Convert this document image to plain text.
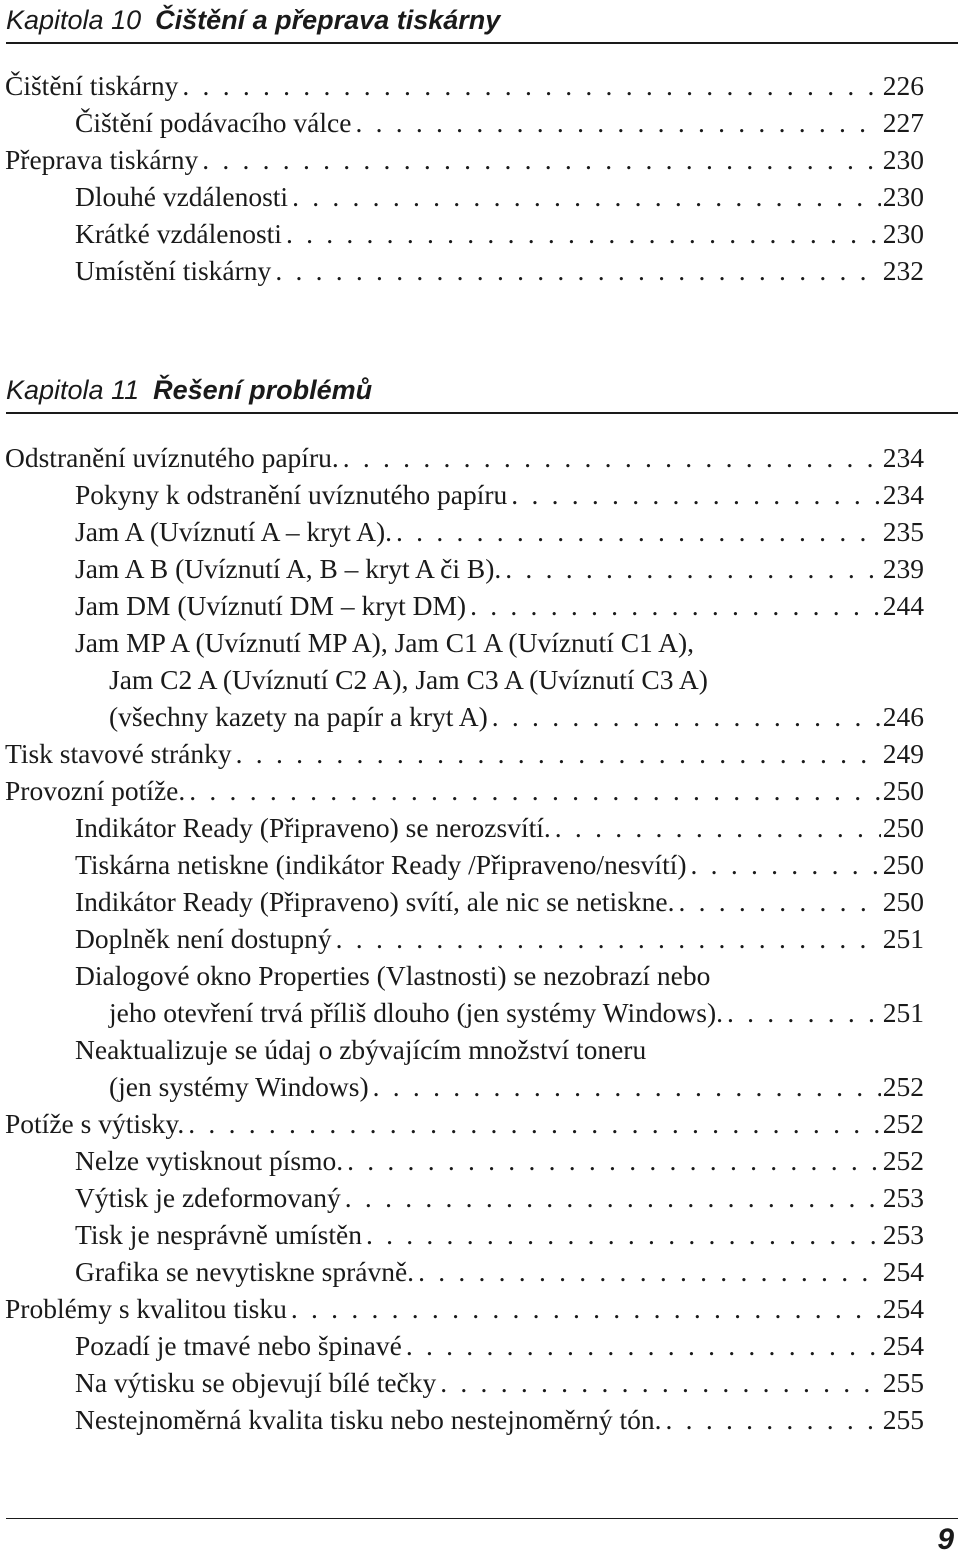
Kapitola 10 Čištění a přeprava tiskárny
Čištění tiskárny . . .	226
Čištění podávacího válce . . .	227
Přeprava tiskárny . . .	230
Dlouhé vzdálenosti . . .	230
Krátké vzdálenosti . . .	230
Umístění tiskárny . . .	232
Kapitola 11 Řešení problémů
Odstranění uvíznutého papíru. . . .	234
Pokyny k odstranění uvíznutého papíru . . .	234
Jam A (Uvíznutí A – kryt A). . . .	235
Jam A B (Uvíznutí A, B – kryt A či B). . . .	239
Jam DM (Uvíznutí DM – kryt DM) . . .	244
Jam MP A (Uvíznutí MP A), Jam C1 A (Uvíznutí C1 A),
Jam C2 A (Uvíznutí C2 A), Jam C3 A (Uvíznutí C3 A)
(všechny kazety na papír a kryt A) . . .	246
Tisk stavové stránky . . .	249
Provozní potíže. . . .	250
Indikátor Ready (Připraveno) se nerozsvítí. . . .	250
Tiskárna netiskne (indikátor Ready /Připraveno/nesvítí) . . .	250
Indikátor Ready (Připraveno) svítí, ale nic se netiskne. . . .	250
Doplněk není dostupný . . .	251
Dialogové okno Properties (Vlastnosti) se nezobrazí nebo
jeho otevření trvá příliš dlouho (jen systémy Windows). . . .	251
Neaktualizuje se údaj o zbývajícím množství toneru
(jen systémy Windows) . . .	252
Potíže s výtisky. . . .	252
Nelze vytisknout písmo. . . .	252
Výtisk je zdeformovaný . . .	253
Tisk je nesprávně umístěn . . .	253
Grafika se nevytiskne správně. . . .	254
Problémy s kvalitou tisku . . .	254
Pozadí je tmavé nebo špinavé . . .	254
Na výtisku se objevují bílé tečky . . .	255
Nestejnoměrná kvalita tisku nebo nestejnoměrný tón. . . .	255
9
